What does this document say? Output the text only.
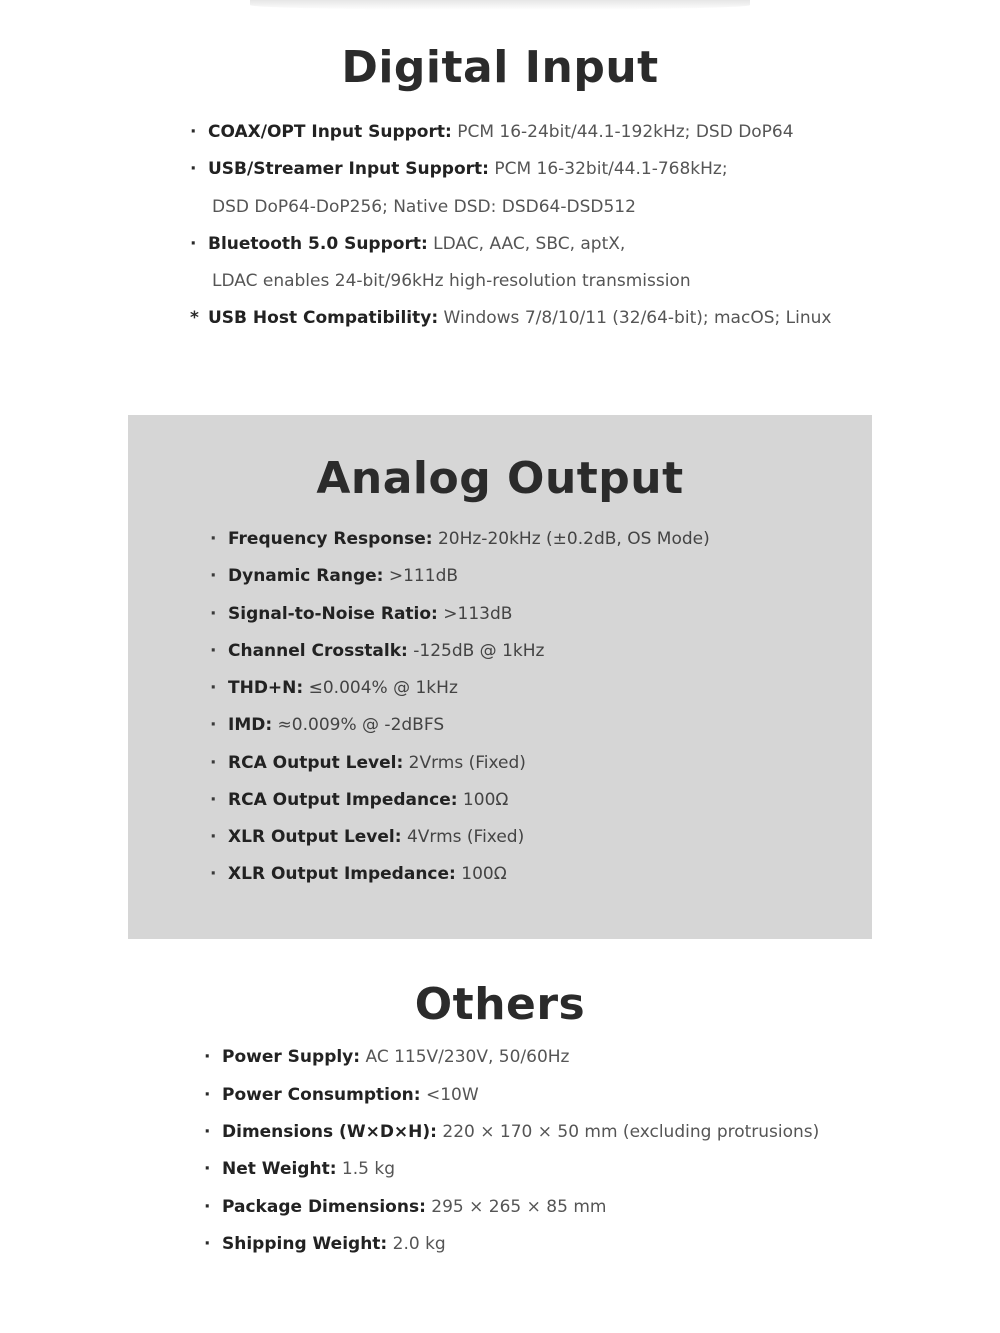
Digital Input
· COAX/OPT Input Support: PCM 16-24bit/44.1-192kHz; DSD DoP64
· USB/Streamer Input Support: PCM 16-32bit/44.1-768kHz;
DSD DoP64-DoP256; Native DSD: DSD64-DSD512
· Bluetooth 5.0 Support: LDAC, AAC, SBC, aptX,
LDAC enables 24-bit/96kHz high-resolution transmission
* USB Host Compatibility: Windows 7/8/10/11 (32/64-bit); macOS; Linux
Analog Output
· Frequency Response: 20Hz-20kHz (±0.2dB, OS Mode)
· Dynamic Range: >111dB
· Signal-to-Noise Ratio: >113dB
· Channel Crosstalk: -125dB @ 1kHz
· THD+N: ≤0.004% @ 1kHz
· IMD: ≈0.009% @ -2dBFS
· RCA Output Level: 2Vrms (Fixed)
· RCA Output Impedance: 100Ω
· XLR Output Level: 4Vrms (Fixed)
· XLR Output Impedance: 100Ω
Others
· Power Supply: AC 115V/230V, 50/60Hz
· Power Consumption: <10W
· Dimensions (W×D×H): 220 × 170 × 50 mm (excluding protrusions)
· Net Weight: 1.5 kg
· Package Dimensions: 295 × 265 × 85 mm
· Shipping Weight: 2.0 kg
